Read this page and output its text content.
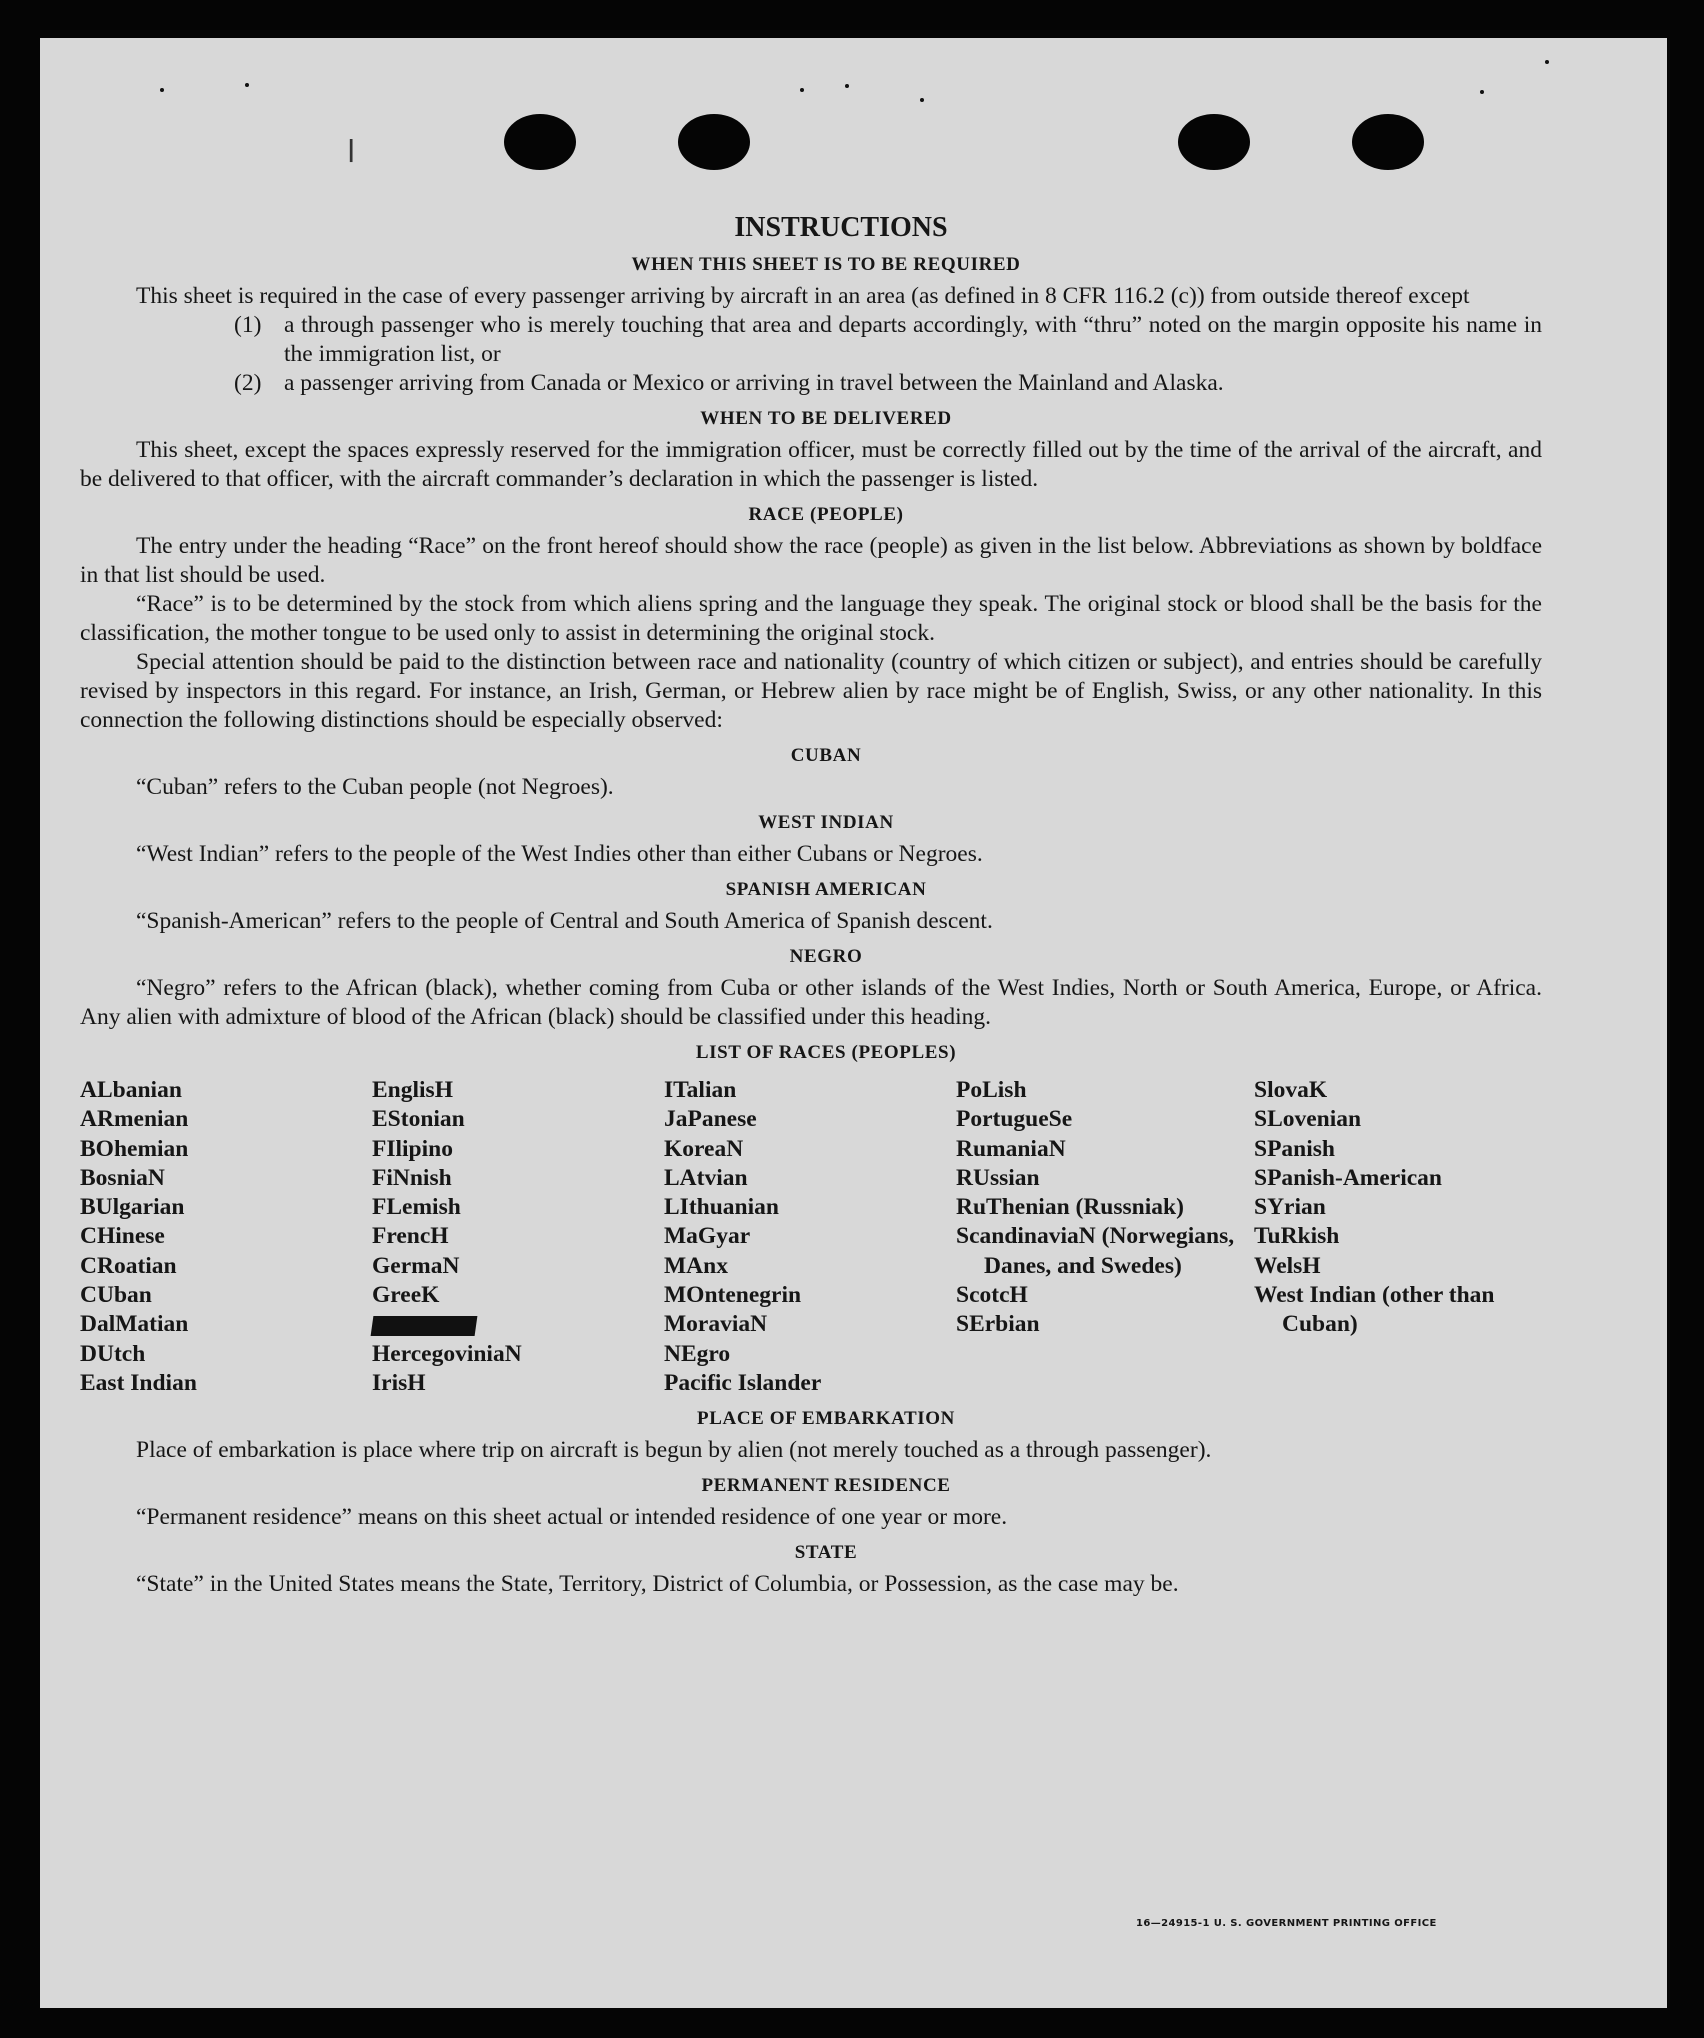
l
INSTRUCTIONS
WHEN THIS SHEET IS TO BE REQUIRED

This sheet is required in the case of every passenger arriving by aircraft in an area (as defined in 8 CFR 116.2 (c)) from outside thereof except

(1) a through passenger who is merely touching that area and departs accordingly, with “thru” noted on the margin opposite his name in the immigration list, or
(2) a passenger arriving from Canada or Mexico or arriving in travel between the Mainland and Alaska.
WHEN TO BE DELIVERED

This sheet, except the spaces expressly reserved for the immigration officer, must be correctly filled out by the time of the arrival of the aircraft, and be delivered to that officer, with the aircraft commander’s declaration in which the passenger is listed.

RACE (PEOPLE)

The entry under the heading “Race” on the front hereof should show the race (people) as given in the list below. Abbreviations as shown by boldface in that list should be used.

“Race” is to be determined by the stock from which aliens spring and the language they speak. The original stock or blood shall be the basis for the classification, the mother tongue to be used only to assist in determining the original stock.

Special attention should be paid to the distinction between race and nationality (country of which citizen or subject), and entries should be carefully revised by inspectors in this regard. For instance, an Irish, German, or Hebrew alien by race might be of English, Swiss, or any other nationality. In this connection the following distinctions should be especially observed:

CUBAN

“Cuban” refers to the Cuban people (not Negroes).

WEST INDIAN

“West Indian” refers to the people of the West Indies other than either Cubans or Negroes.

SPANISH AMERICAN

“Spanish-American” refers to the people of Central and South America of Spanish descent.

NEGRO

“Negro” refers to the African (black), whether coming from Cuba or other islands of the West Indies, North or South America, Europe, or Africa. Any alien with admixture of blood of the African (black) should be classified under this heading.

LIST OF RACES (PEOPLES)
ALbanian
ARmenian
BOhemian
BosniaN
BUlgarian
CHinese
CRoatian
CUban
DalMatian
DUtch
East Indian
EnglisH
EStonian
FIlipino
FiNnish
FLemish
FrencH
GermaN
GreeK
HercegoviniaN
IrisH
ITalian
JaPanese
KoreaN
LAtvian
LIthuanian
MaGyar
MAnx
MOntenegrin
MoraviaN
NEgro
Pacific Islander
PoLish
PortugueSe
RumaniaN
RUssian
RuThenian (Russniak)
ScandinaviaN (Norwegians, Danes, and Swedes)
ScotcH
SErbian
SlovaK
SLovenian
SPanish
SPanish-American
SYrian
TuRkish
WelsH
West Indian (other than Cuban)
PLACE OF EMBARKATION

Place of embarkation is place where trip on aircraft is begun by alien (not merely touched as a through passenger).

PERMANENT RESIDENCE

“Permanent residence” means on this sheet actual or intended residence of one year or more.

STATE

“State” in the United States means the State, Territory, District of Columbia, or Possession, as the case may be.

16—24915-1 U. S. GOVERNMENT PRINTING OFFICE
